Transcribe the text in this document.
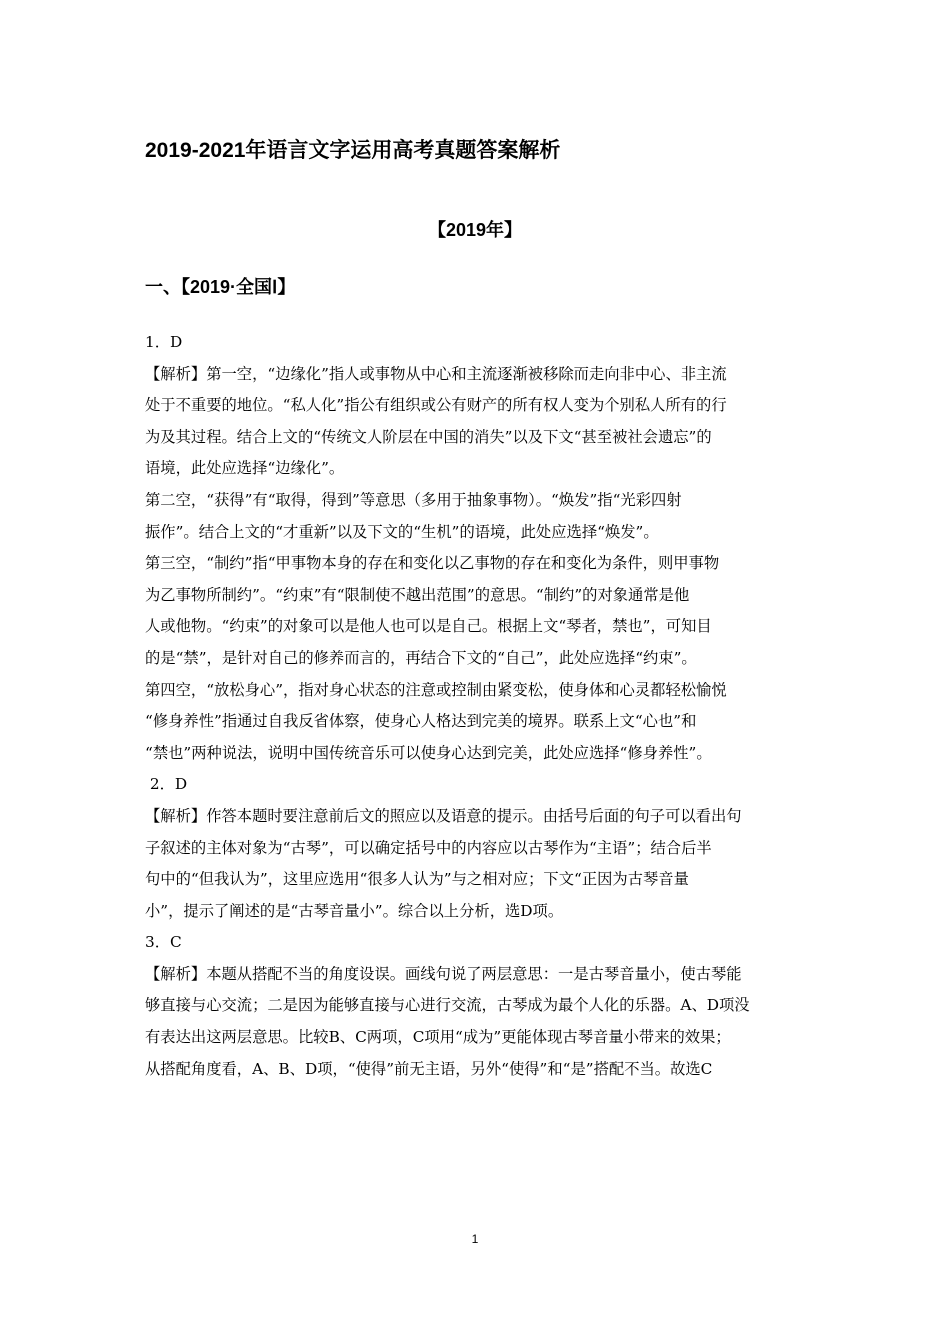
2019-2021年语言文字运用高考真题答案解析
【2019年】
一、【2019·全国Ⅰ】
1．D
【解析】第一空，“边缘化”指人或事物从中心和主流逐渐被移除而走向非中心、非主流
处于不重要的地位。“私人化”指公有组织或公有财产的所有权人变为个别私人所有的行
为及其过程。结合上文的“传统文人阶层在中国的消失”以及下文“甚至被社会遗忘”的
语境，此处应选择“边缘化”。
第二空，“获得”有“取得，得到”等意思（多用于抽象事物）。“焕发”指“光彩四射
振作”。结合上文的“才重新”以及下文的“生机”的语境，此处应选择“焕发”。
第三空，“制约”指“甲事物本身的存在和变化以乙事物的存在和变化为条件，则甲事物
为乙事物所制约”。“约束”有“限制使不越出范围”的意思。“制约”的对象通常是他
人或他物。“约束”的对象可以是他人也可以是自己。根据上文“琴者，禁也”，可知目
的是“禁”，是针对自己的修养而言的，再结合下文的“自己”，此处应选择“约束”。
第四空，“放松身心”，指对身心状态的注意或控制由紧变松，使身体和心灵都轻松愉悦
“修身养性”指通过自我反省体察，使身心人格达到完美的境界。联系上文“心也”和
“禁也”两种说法，说明中国传统音乐可以使身心达到完美，此处应选择“修身养性”。
2．D
【解析】作答本题时要注意前后文的照应以及语意的提示。由括号后面的句子可以看出句
子叙述的主体对象为“古琴”，可以确定括号中的内容应以古琴作为“主语”；结合后半
句中的“但我认为”，这里应选用“很多人认为”与之相对应；下文“正因为古琴音量
小”，提示了阐述的是“古琴音量小”。综合以上分析，选D项。
3．C
【解析】本题从搭配不当的角度设误。画线句说了两层意思：一是古琴音量小，使古琴能
够直接与心交流；二是因为能够直接与心进行交流，古琴成为最个人化的乐器。A、D项没
有表达出这两层意思。比较B、C两项，C项用“成为”更能体现古琴音量小带来的效果；
从搭配角度看，A、B、D项，“使得”前无主语，另外“使得”和“是”搭配不当。故选C
1
